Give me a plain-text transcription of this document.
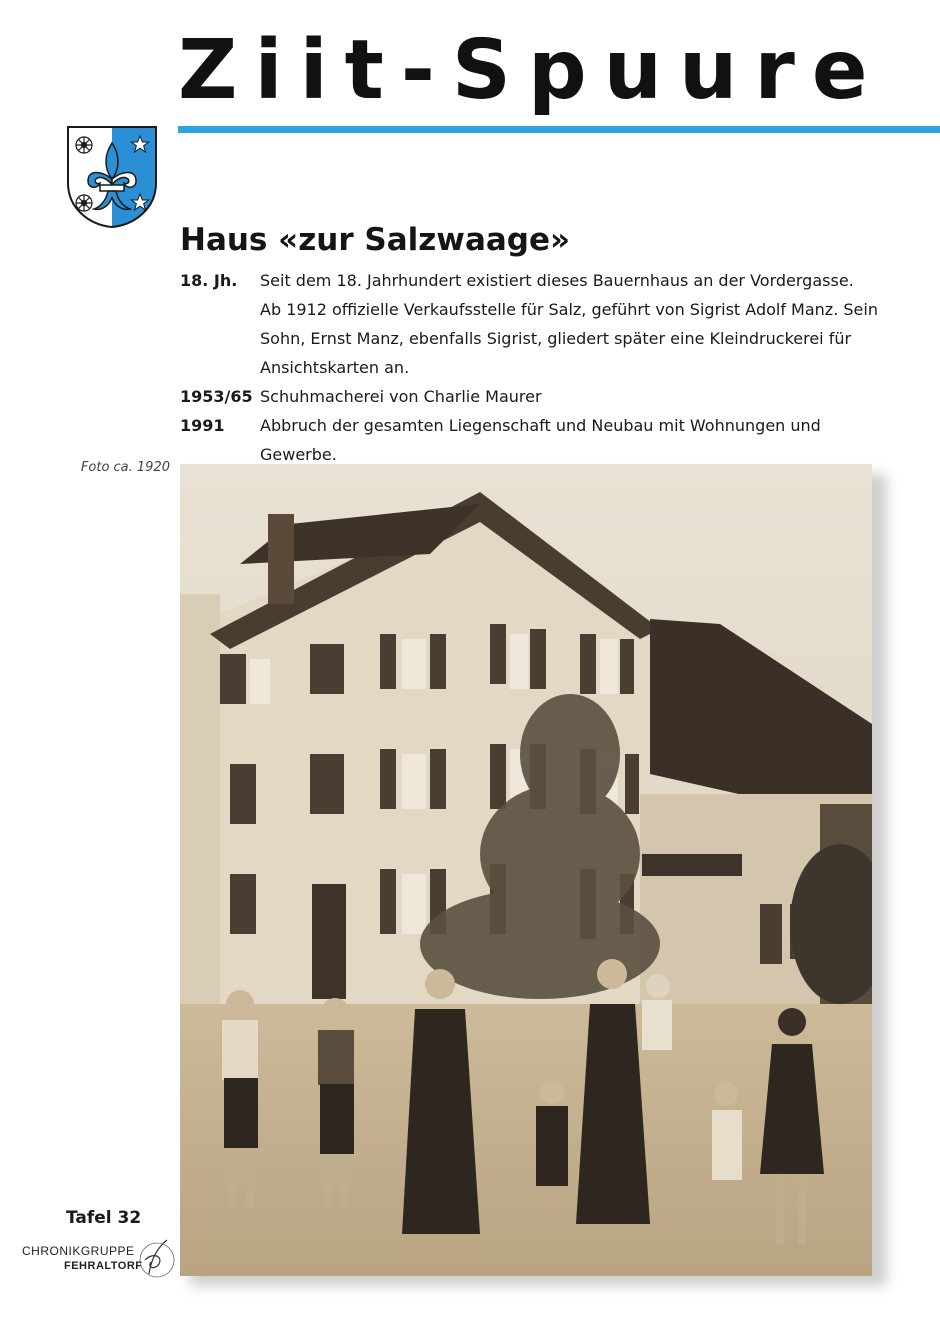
Ziit-Spuure
Haus «zur Salzwaage»
18. Jh.	Seit dem 18. Jahrhundert existiert dieses Bauernhaus an der Vordergasse.
Ab 1912 offizielle Verkaufsstelle für Salz, geführt von Sigrist Adolf Manz. Sein
Sohn, Ernst Manz, ebenfalls Sigrist, gliedert später eine Kleindruckerei für
Ansichtskarten an.
1953/65 Schuhmacherei von Charlie Maurer
1991	Abbruch der gesamten Liegenschaft und Neubau mit Wohnungen und Gewerbe.
Foto ca. 1920
Tafel 32
CHRONIKGRUPPE
FEHRALTORF
